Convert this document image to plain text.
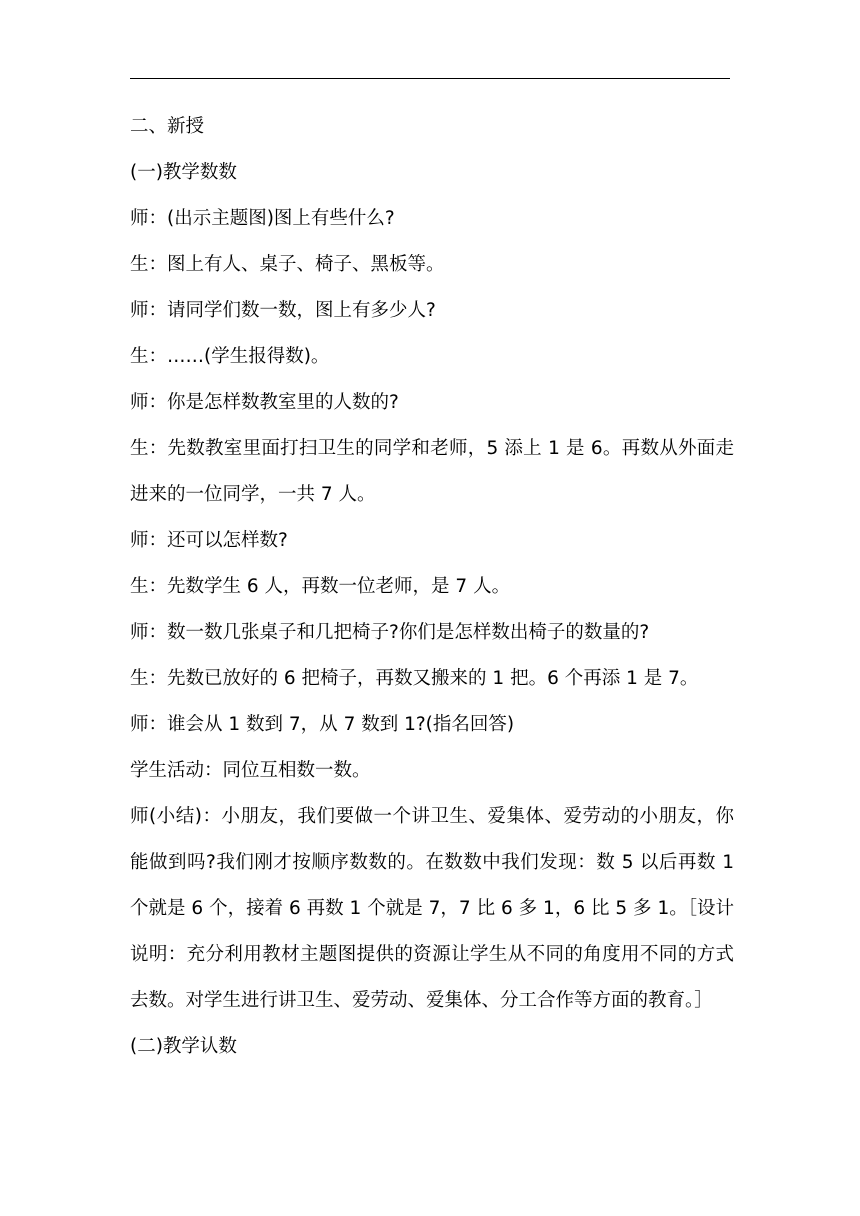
二、新授

(一)教学数数

师：(出示主题图)图上有些什么?

生：图上有人、桌子、椅子、黑板等。

师：请同学们数一数，图上有多少人?

生：……(学生报得数)。

师：你是怎样数教室里的人数的?

生：先数教室里面打扫卫生的同学和老师，5 添上 1 是 6。再数从外面走进来的一位同学，一共 7 人。

师：还可以怎样数?

生：先数学生 6 人，再数一位老师，是 7 人。

师：数一数几张桌子和几把椅子?你们是怎样数出椅子的数量的?

生：先数已放好的 6 把椅子，再数又搬来的 1 把。6 个再添 1 是 7。

师：谁会从 1 数到 7，从 7 数到 1?(指名回答)

学生活动：同位互相数一数。

师(小结)：小朋友，我们要做一个讲卫生、爱集体、爱劳动的小朋友，你能做到吗?我们刚才按顺序数数的。在数数中我们发现：数 5 以后再数 1 个就是 6 个，接着 6 再数 1 个就是 7，7 比 6 多 1，6 比 5 多 1。［设计说明：充分利用教材主题图提供的资源让学生从不同的角度用不同的方式去数。对学生进行讲卫生、爱劳动、爱集体、分工合作等方面的教育。］

(二)教学认数
